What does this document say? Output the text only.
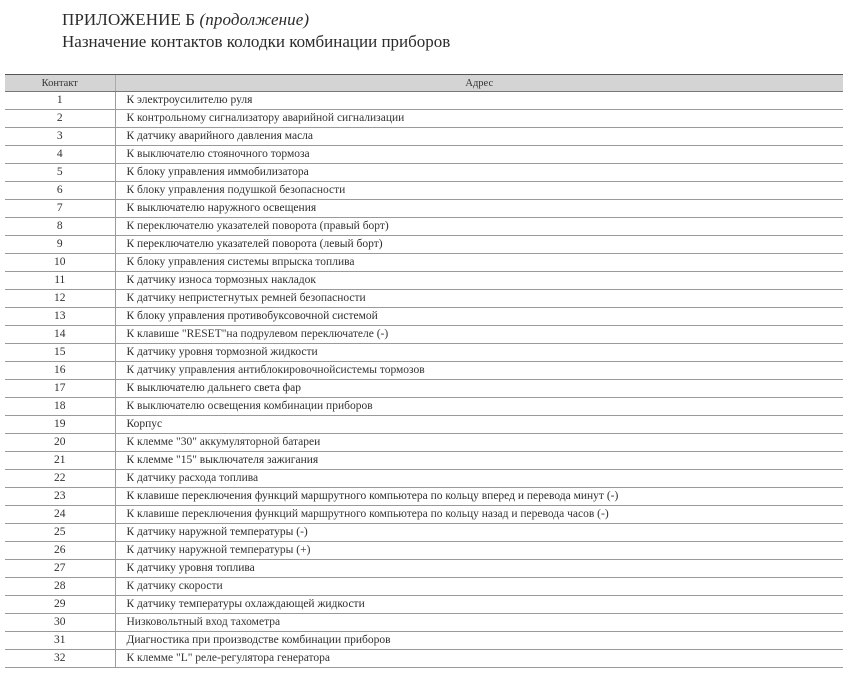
ПРИЛОЖЕНИЕ Б (продолжение)
Назначение контактов колодки комбинации приборов
Контакт	Адрес
1	К электроусилителю руля
2	К контрольному сигнализатору аварийной сигнализации
3	К датчику аварийного давления масла
4	К выключателю стояночного тормоза
5	К блоку управления иммобилизатора
6	К блоку управления подушкой безопасности
7	К выключателю наружного освещения
8	К переключателю указателей поворота (правый борт)
9	К переключателю указателей поворота (левый борт)
10	К блоку управления системы впрыска топлива
11	К датчику износа тормозных накладок
12	К датчику непристегнутых ремней безопасности
13	К блоку управления противобуксовочной системой
14	К клавише "RESET"на подрулевом переключателе (-)
15	К датчику уровня тормозной жидкости
16	К датчику управления антиблокировочнойсистемы тормозов
17	К выключателю дальнего света фар
18	К выключателю освещения комбинации приборов
19	Корпус
20	К клемме "30" аккумуляторной батареи
21	К клемме "15" выключателя зажигания
22	К датчику расхода топлива
23	К клавише переключения функций маршрутного компьютера по кольцу вперед и перевода минут (-)
24	К клавише переключения функций маршрутного компьютера по кольцу назад и перевода часов (-)
25	К датчику наружной температуры (-)
26	К датчику наружной температуры (+)
27	К датчику уровня топлива
28	К датчику скорости
29	К датчику температуры охлаждающей жидкости
30	Низковольтный вход тахометра
31	Диагностика при производстве комбинации приборов
32	К клемме "L" реле-регулятора генератора
